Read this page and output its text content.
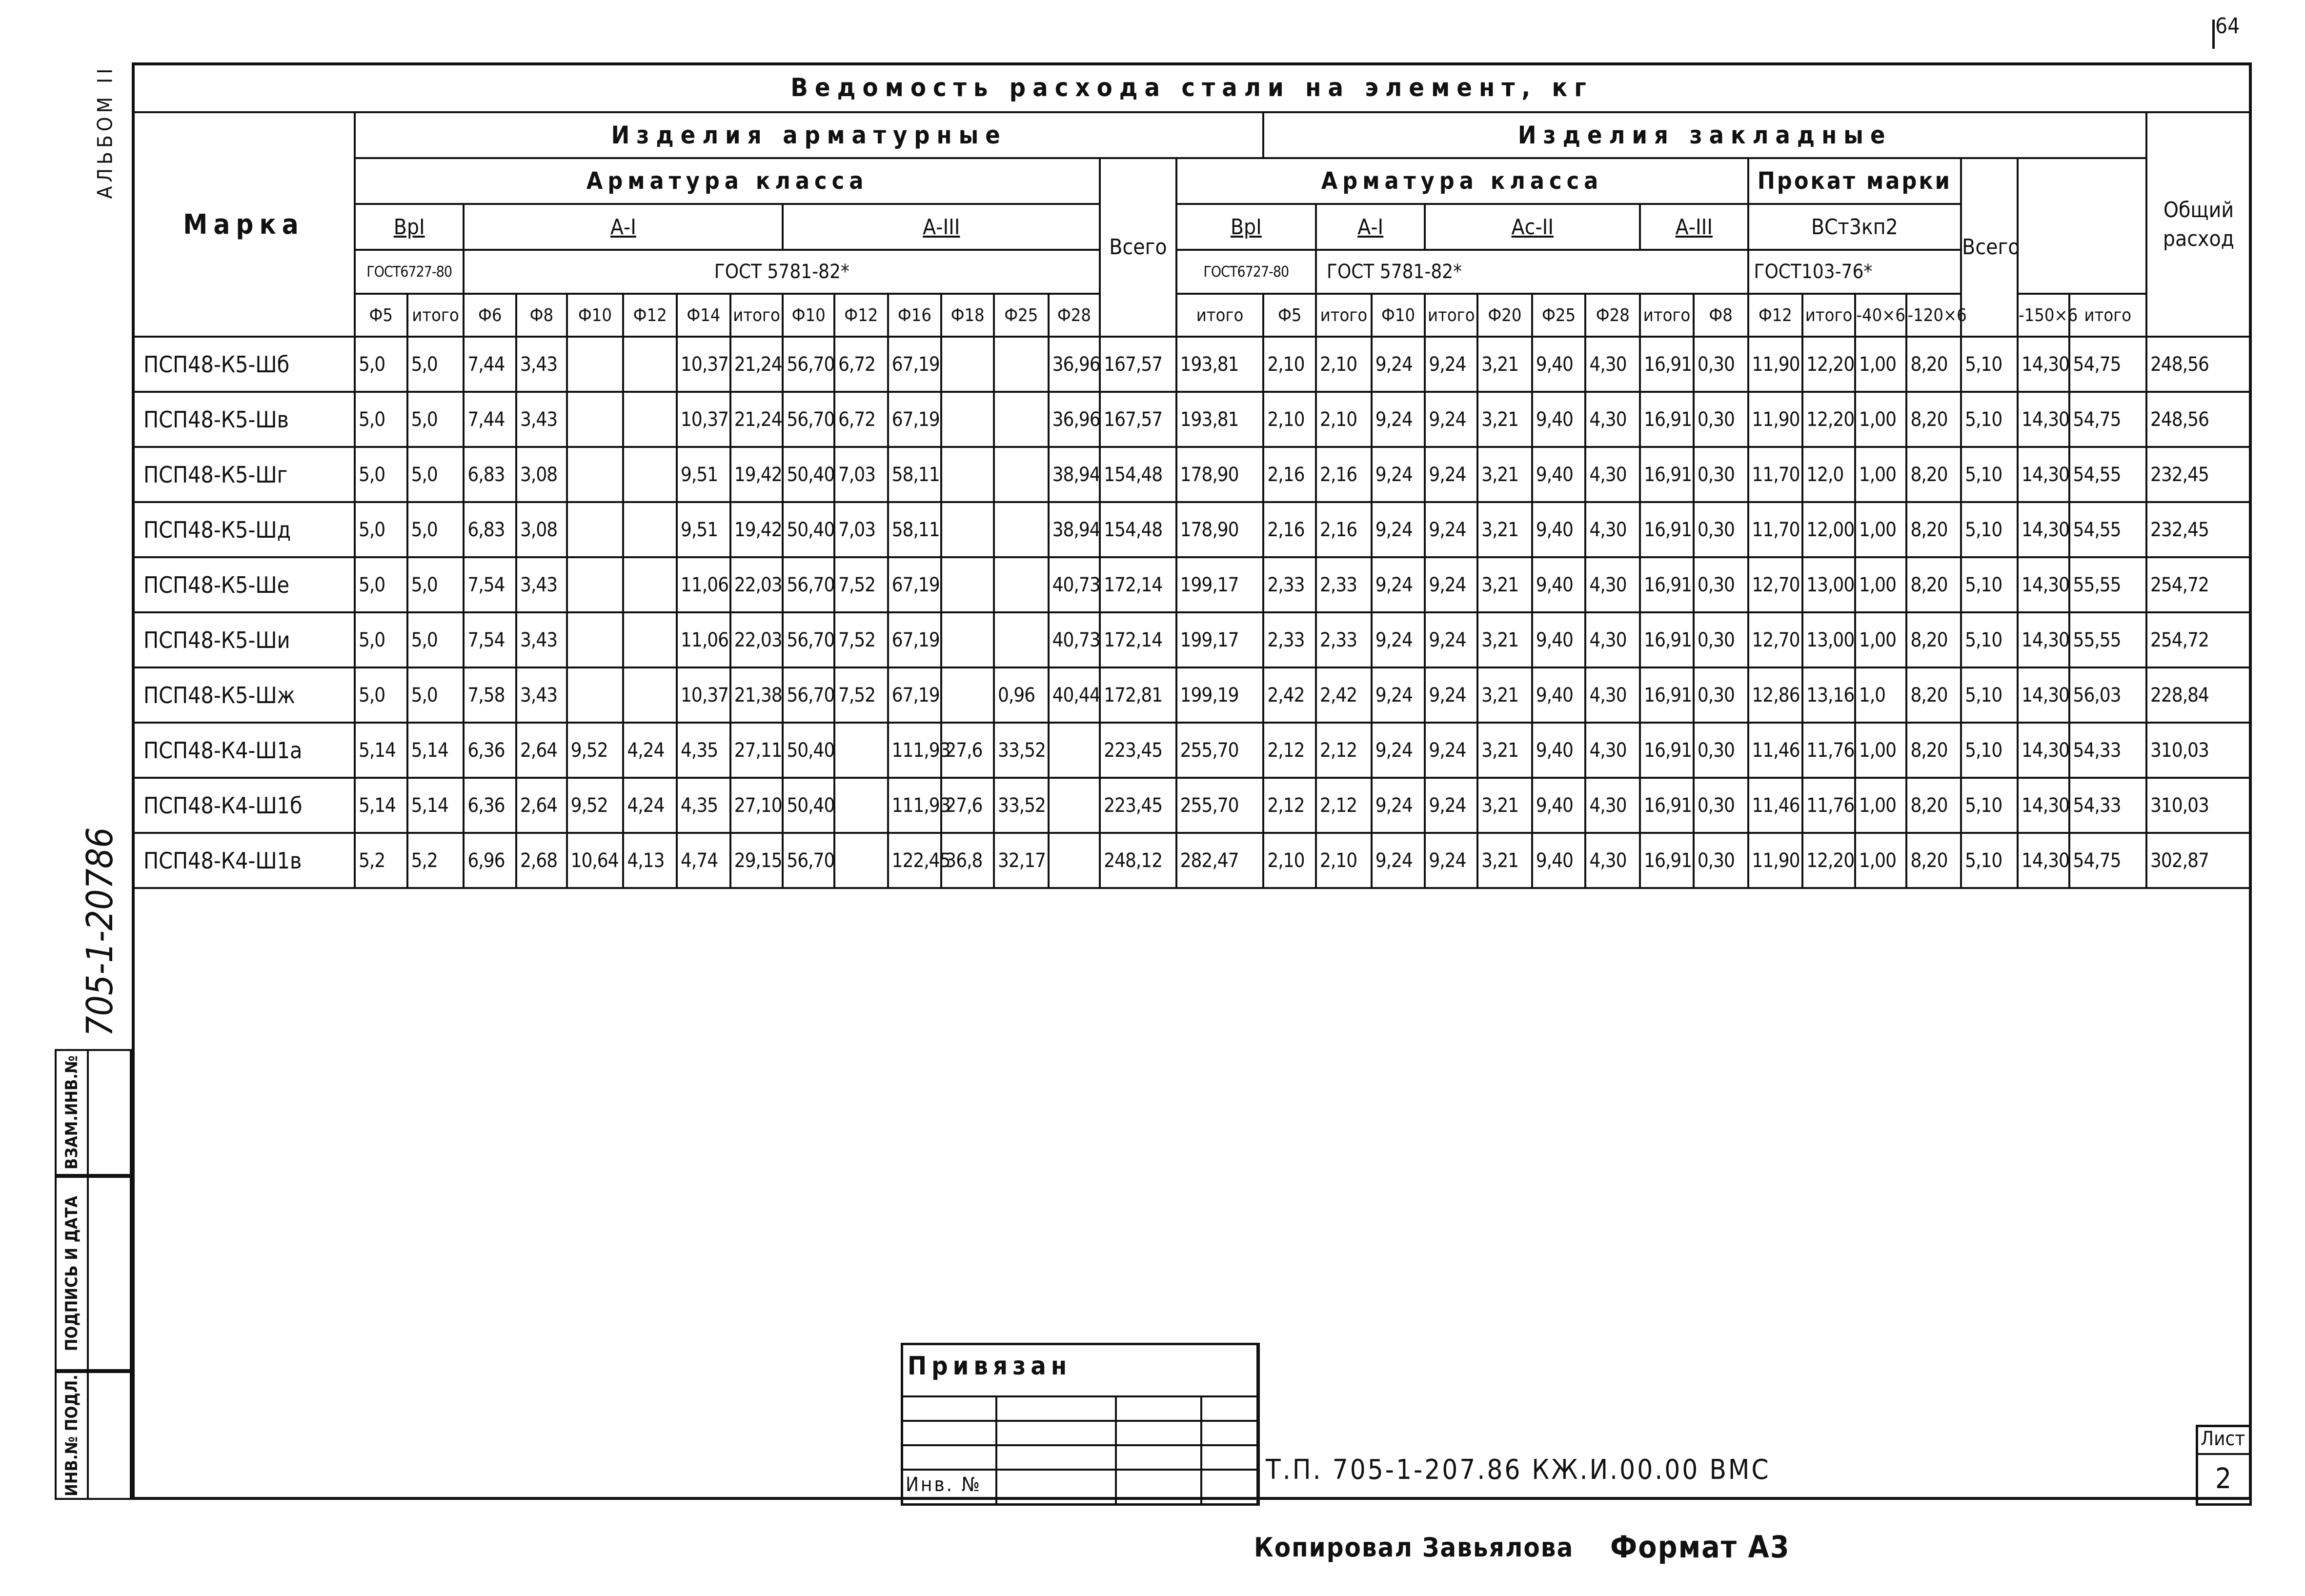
64
АЛЬБОМ II
705-1-20786
ВЗАМ.ИНВ.№
ПОДПИСЬ И ДАТА
ИНВ.№ ПОДЛ.
Ведомость расхода стали на элемент, кг																																	
Марка	Изделия арматурные																Изделия закладные																Общий расход
	Арматура класса														Всего	Арматура класса										Прокат марки				Всего			
	ВрI		А-I						А-III							ВрI		А-I		Ас-II				А-III		ВСт3кп2							
	ГОСТ6727-80		ГОСТ 5781-82*													ГОСТ6727-80		ГОСТ 5781-82*								ГОСТ103-76*							
	Ф5	итого	Ф6	Ф8	Ф10	Ф12	Ф14	итого	Ф10	Ф12	Ф16	Ф18	Ф25	Ф28		итого	Ф5	итого	Ф10	итого	Ф20	Ф25	Ф28	итого	Ф8	Ф12	итого	-40×6	-120×6		-150×6	итого	
ПСП48-К5-Шб	5,0	5,0	7,44	3,43			10,37	21,24	56,70	6,72	67,19			36,96	167,57	193,81	2,10	2,10	9,24	9,24	3,21	9,40	4,30	16,91	0,30	11,90	12,20	1,00	8,20	5,10	14,30	54,75	248,56
ПСП48-К5-Шв	5,0	5,0	7,44	3,43			10,37	21,24	56,70	6,72	67,19			36,96	167,57	193,81	2,10	2,10	9,24	9,24	3,21	9,40	4,30	16,91	0,30	11,90	12,20	1,00	8,20	5,10	14,30	54,75	248,56
ПСП48-К5-Шг	5,0	5,0	6,83	3,08			9,51	19,42	50,40	7,03	58,11			38,94	154,48	178,90	2,16	2,16	9,24	9,24	3,21	9,40	4,30	16,91	0,30	11,70	12,0	1,00	8,20	5,10	14,30	54,55	232,45
ПСП48-К5-Шд	5,0	5,0	6,83	3,08			9,51	19,42	50,40	7,03	58,11			38,94	154,48	178,90	2,16	2,16	9,24	9,24	3,21	9,40	4,30	16,91	0,30	11,70	12,00	1,00	8,20	5,10	14,30	54,55	232,45
ПСП48-К5-Ше	5,0	5,0	7,54	3,43			11,06	22,03	56,70	7,52	67,19			40,73	172,14	199,17	2,33	2,33	9,24	9,24	3,21	9,40	4,30	16,91	0,30	12,70	13,00	1,00	8,20	5,10	14,30	55,55	254,72
ПСП48-К5-Ши	5,0	5,0	7,54	3,43			11,06	22,03	56,70	7,52	67,19			40,73	172,14	199,17	2,33	2,33	9,24	9,24	3,21	9,40	4,30	16,91	0,30	12,70	13,00	1,00	8,20	5,10	14,30	55,55	254,72
ПСП48-К5-Шж	5,0	5,0	7,58	3,43			10,37	21,38	56,70	7,52	67,19		0,96	40,44	172,81	199,19	2,42	2,42	9,24	9,24	3,21	9,40	4,30	16,91	0,30	12,86	13,16	1,0	8,20	5,10	14,30	56,03	228,84
ПСП48-К4-Ш1а	5,14	5,14	6,36	2,64	9,52	4,24	4,35	27,11	50,40		111,93	27,6	33,52		223,45	255,70	2,12	2,12	9,24	9,24	3,21	9,40	4,30	16,91	0,30	11,46	11,76	1,00	8,20	5,10	14,30	54,33	310,03
ПСП48-К4-Ш1б	5,14	5,14	6,36	2,64	9,52	4,24	4,35	27,10	50,40		111,93	27,6	33,52		223,45	255,70	2,12	2,12	9,24	9,24	3,21	9,40	4,30	16,91	0,30	11,46	11,76	1,00	8,20	5,10	14,30	54,33	310,03
ПСП48-К4-Ш1в	5,2	5,2	6,96	2,68	10,64	4,13	4,74	29,15	56,70		122,45	36,8	32,17		248,12	282,47	2,10	2,10	9,24	9,24	3,21	9,40	4,30	16,91	0,30	11,90	12,20	1,00	8,20	5,10	14,30	54,75	302,87

Привязан
Инв. №	Т.П. 705-1-207.86 КЖ.И.00.00 ВМС
Лист
2
Копировал Завьялова Формат А3
